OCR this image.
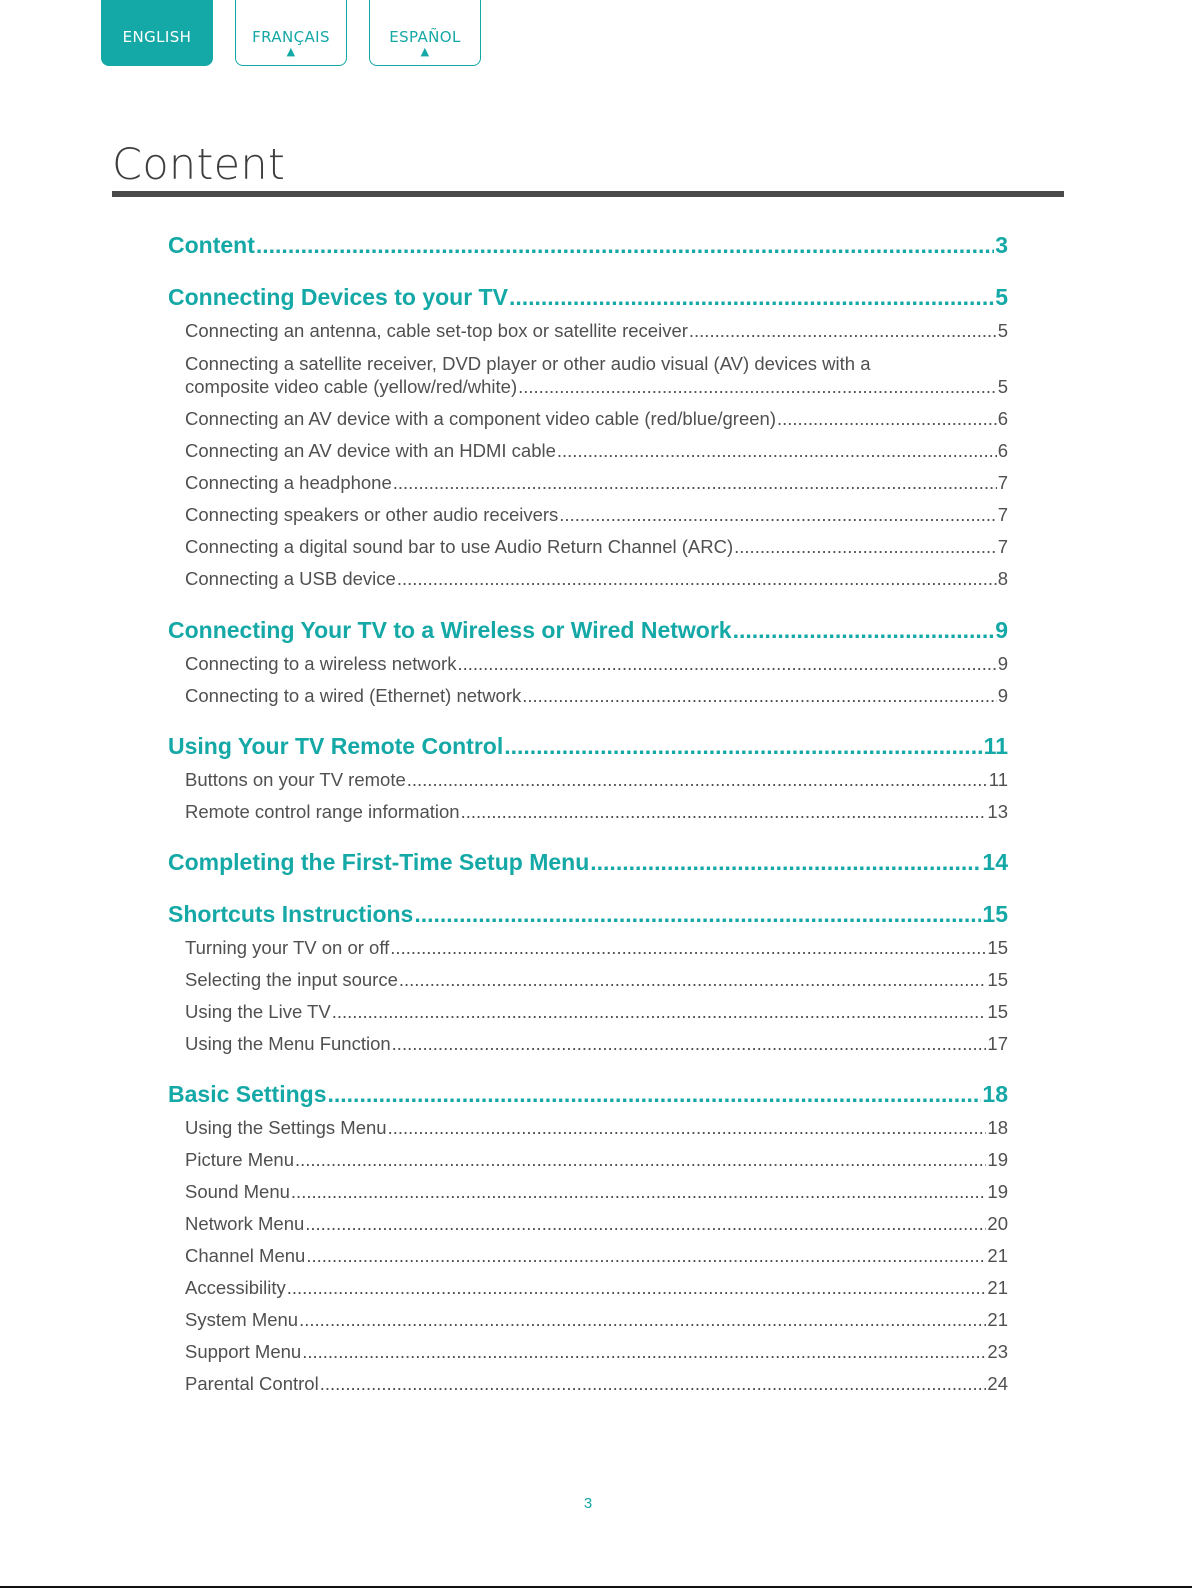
ENGLISH	FRANÇAIS
▲
ESPAÑOL
▲
Content
Content .....	3
Connecting Devices to your TV .....	5
Connecting an antenna, cable set-top box or satellite receiver .....	5
Connecting a satellite receiver, DVD player or other audio visual (AV) devices with a
composite video cable (yellow/red/white) .....	5
Connecting an AV device with a component video cable (red/blue/green) .....	6
Connecting an AV device with an HDMI cable .....	6
Connecting a headphone .....	7
Connecting speakers or other audio receivers .....	7
Connecting a digital sound bar to use Audio Return Channel (ARC) .....	7
Connecting a USB device .....	8
Connecting Your TV to a Wireless or Wired Network .....	9
Connecting to a wireless network .....	9
Connecting to a wired (Ethernet) network .....	9
Using Your TV Remote Control .....	11
Buttons on your TV remote .....	11
Remote control range information .....	13
Completing the First-Time Setup Menu .....	14
Shortcuts Instructions .....	15
Turning your TV on or off .....	15
Selecting the input source .....	15
Using the Live TV .....	15
Using the Menu Function .....	17
Basic Settings .....	18
Using the Settings Menu .....	18
Picture Menu .....	19
Sound Menu .....	19
Network Menu .....	20
Channel Menu .....	21
Accessibility .....	21
System Menu .....	21
Support Menu .....	23
Parental Control .....	24
3
